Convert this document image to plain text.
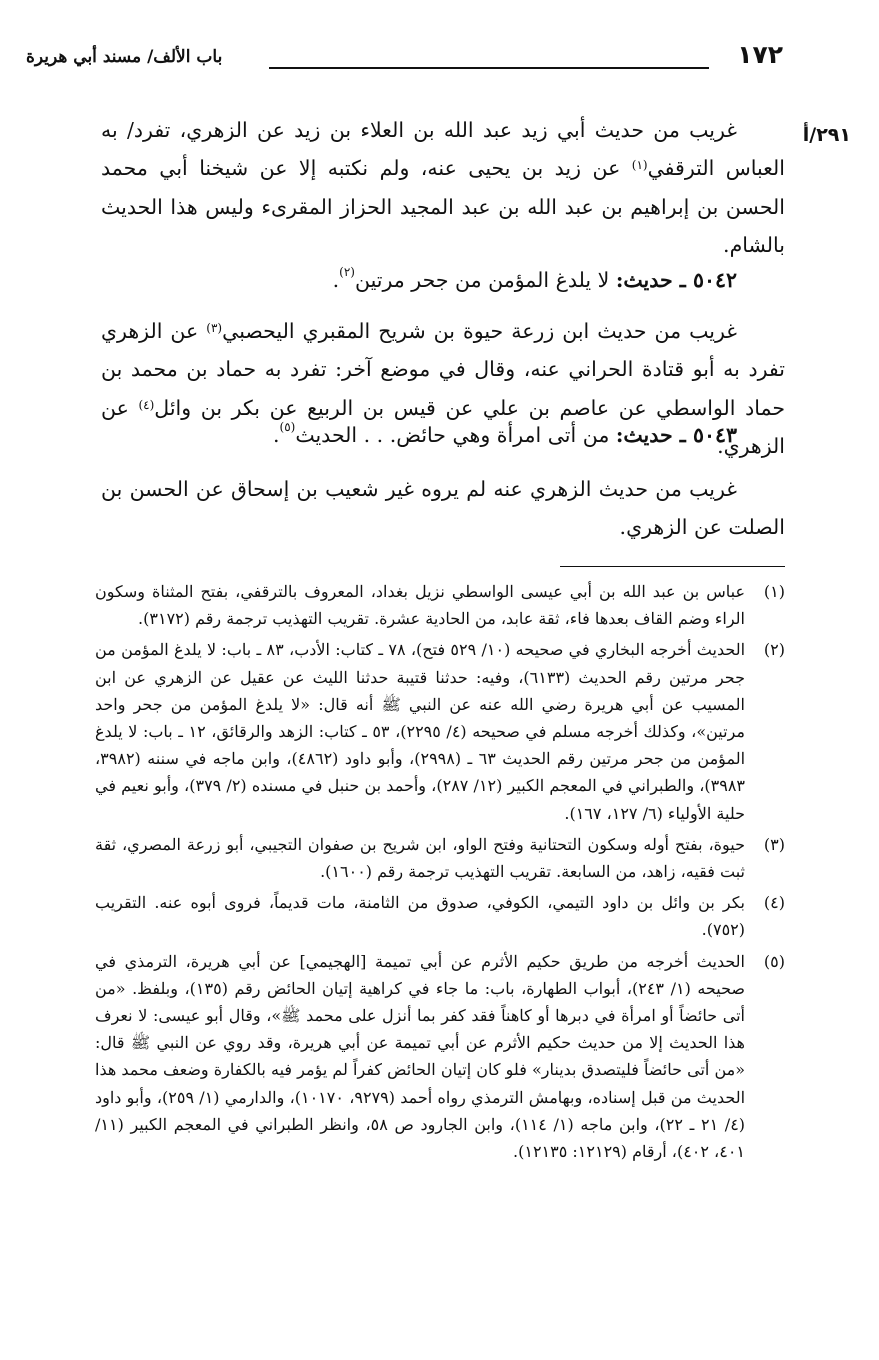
١٧٢
باب الألف/ مسند أبي هريرة
٢٩١/أ
غريب من حديث أبي زيد عبد الله بن العلاء بن زيد عن الزهري، تفرد/ به العباس الترقفي$^{(١)}$ عن زيد بن يحيى عنه، ولم نكتبه إلا عن شيخنا أبي محمد الحسن بن إبراهيم بن عبد الله بن عبد المجيد الحزاز المقرىء وليس هذا الحديث بالشام.
٥٠٤٢ ـ حديث: لا يلدغ المؤمن من جحر مرتين$^{(٢)}$.
غريب من حديث ابن زرعة حيوة بن شريح المقبري اليحصبي$^{(٣)}$ عن الزهري تفرد به أبو قتادة الحراني عنه، وقال في موضع آخر: تفرد به حماد بن محمد بن حماد الواسطي عن عاصم بن علي عن قيس بن الربيع عن بكر بن وائل$^{(٤)}$ عن الزهري.
٥٠٤٣ ـ حديث: من أتى امرأة وهي حائض. . . الحديث$^{(٥)}$.
غريب من حديث الزهري عنه لم يروه غير شعيب بن إسحاق عن الحسن بن الصلت عن الزهري.
(١)
عباس بن عبد الله بن أبي عيسى الواسطي نزيل بغداد، المعروف بالترقفي، بفتح المثناة وسكون الراء وضم القاف بعدها فاء، ثقة عابد، من الحادية عشرة. تقريب التهذيب ترجمة رقم (٣١٧٢).
(٢)
الحديث أخرجه البخاري في صحيحه (١٠/ ٥٢٩ فتح)، ٧٨ ـ كتاب: الأدب، ٨٣ ـ باب: لا يلدغ المؤمن من جحر مرتين رقم الحديث (٦١٣٣)، وفيه: حدثنا قتيبة حدثنا الليث عن عقيل عن الزهري عن ابن المسيب عن أبي هريرة رضي الله عنه عن النبي ﷺ أنه قال: «لا يلدغ المؤمن من جحر واحد مرتين»، وكذلك أخرجه مسلم في صحيحه (٤/ ٢٢٩٥)، ٥٣ ـ كتاب: الزهد والرقائق، ١٢ ـ باب: لا يلدغ المؤمن من جحر مرتين رقم الحديث ٦٣ ـ (٢٩٩٨)، وأبو داود (٤٨٦٢)، وابن ماجه في سننه (٣٩٨٢، ٣٩٨٣)، والطبراني في المعجم الكبير (١٢/ ٢٨٧)، وأحمد بن حنبل في مسنده (٢/ ٣٧٩)، وأبو نعيم في حلية الأولياء (٦/ ١٢٧، ١٦٧).
(٣)
حيوة، بفتح أوله وسكون التحتانية وفتح الواو، ابن شريح بن صفوان التجيبي، أبو زرعة المصري، ثقة ثبت فقيه، زاهد، من السابعة. تقريب التهذيب ترجمة رقم (١٦٠٠).
(٤)
بكر بن وائل بن داود التيمي، الكوفي، صدوق من الثامنة، مات قديماً، فروى أبوه عنه. التقريب (٧٥٢).
(٥)
الحديث أخرجه من طريق حكيم الأثرم عن أبي تميمة [الهجيمي] عن أبي هريرة، الترمذي في صحيحه (١/ ٢٤٣)، أبواب الطهارة، باب: ما جاء في كراهية إتيان الحائض رقم (١٣٥)، وبلفظ. «من أتى حائضاً أو امرأة في دبرها أو كاهناً فقد كفر بما أنزل على محمد ﷺ»، وقال أبو عيسى: لا نعرف هذا الحديث إلا من حديث حكيم الأثرم عن أبي تميمة عن أبي هريرة، وقد روي عن النبي ﷺ قال: «من أتى حائضاً فليتصدق بدينار» فلو كان إتيان الحائض كفراً لم يؤمر فيه بالكفارة وضعف محمد هذا الحديث من قبل إسناده، وبهامش الترمذي رواه أحمد (٩٢٧٩، ١٠١٧٠)، والدارمي (١/ ٢٥٩)، وأبو داود (٤/ ٢١ ـ ٢٢)، وابن ماجه (١/ ١١٤)، وابن الجارود ص ٥٨، وانظر الطبراني في المعجم الكبير (١١/ ٤٠١، ٤٠٢)، أرقام (١٢١٢٩: ١٢١٣٥).
